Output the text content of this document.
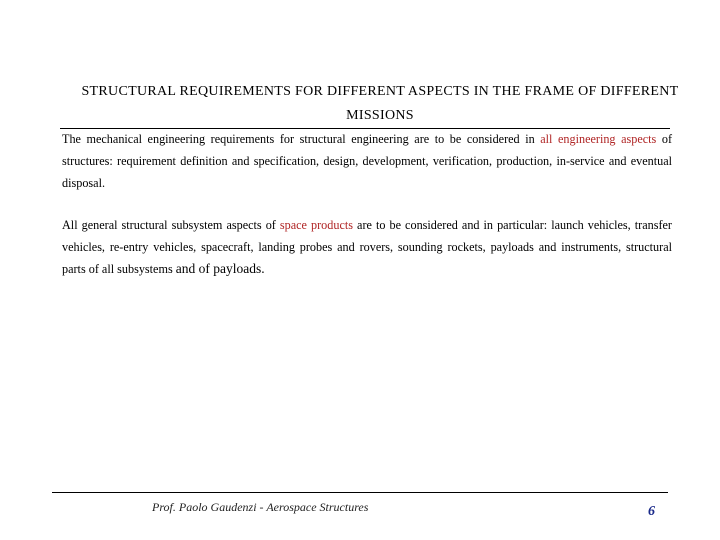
STRUCTURAL REQUIREMENTS FOR DIFFERENT ASPECTS IN THE FRAME OF DIFFERENT MISSIONS
The mechanical engineering requirements for structural engineering are to be considered in all engineering aspects of structures: requirement definition and specification, design, development, verification, production, in-service and eventual disposal.
All general structural subsystem aspects of space products are to be considered and in particular: launch vehicles, transfer vehicles, re-entry vehicles, spacecraft, landing probes and rovers, sounding rockets, payloads and instruments, structural parts of all subsystems and of payloads.
Prof. Paolo Gaudenzi - Aerospace Structures	6
